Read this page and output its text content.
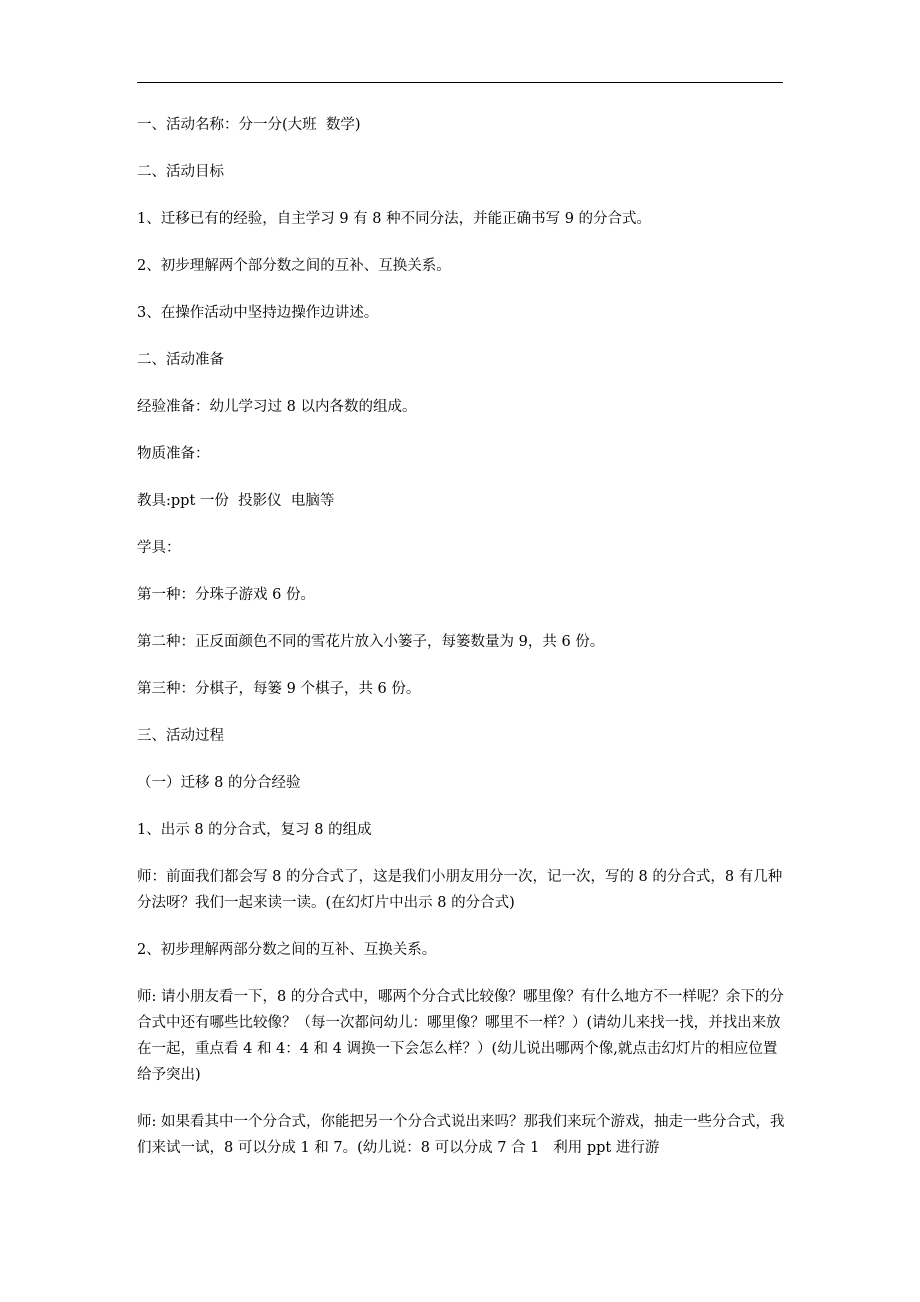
一、活动名称：分一分(大班  数学)

二、活动目标

1、迁移已有的经验，自主学习 9 有 8 种不同分法，并能正确书写 9 的分合式。

2、初步理解两个部分数之间的互补、互换关系。

3、在操作活动中坚持边操作边讲述。

二、活动准备

经验准备：幼儿学习过 8 以内各数的组成。

物质准备：

教具:ppt 一份  投影仪  电脑等

学具：

第一种：分珠子游戏 6 份。

第二种：正反面颜色不同的雪花片放入小篓子，每篓数量为 9，共 6 份。

第三种：分棋子，每篓 9 个棋子，共 6 份。

三、活动过程

（一）迁移 8 的分合经验

1、出示 8 的分合式，复习 8 的组成

师：前面我们都会写 8 的分合式了，这是我们小朋友用分一次，记一次，写的 8 的分合式，8 有几种分法呀？我们一起来读一读。(在幻灯片中出示 8 的分合式)

2、初步理解两部分数之间的互补、互换关系。

师: 请小朋友看一下，8 的分合式中，哪两个分合式比较像？哪里像？有什么地方不一样呢？余下的分合式中还有哪些比较像？（每一次都问幼儿：哪里像？哪里不一样？）(请幼儿来找一找，并找出来放在一起，重点看 4 和 4：4 和 4 调换一下会怎么样？）(幼儿说出哪两个像,就点击幻灯片的相应位置给予突出)

师: 如果看其中一个分合式，你能把另一个分合式说出来吗？那我们来玩个游戏，抽走一些分合式，我们来试一试，8 可以分成 1 和 7。(幼儿说：8 可以分成 7 合 1   利用 ppt 进行游
